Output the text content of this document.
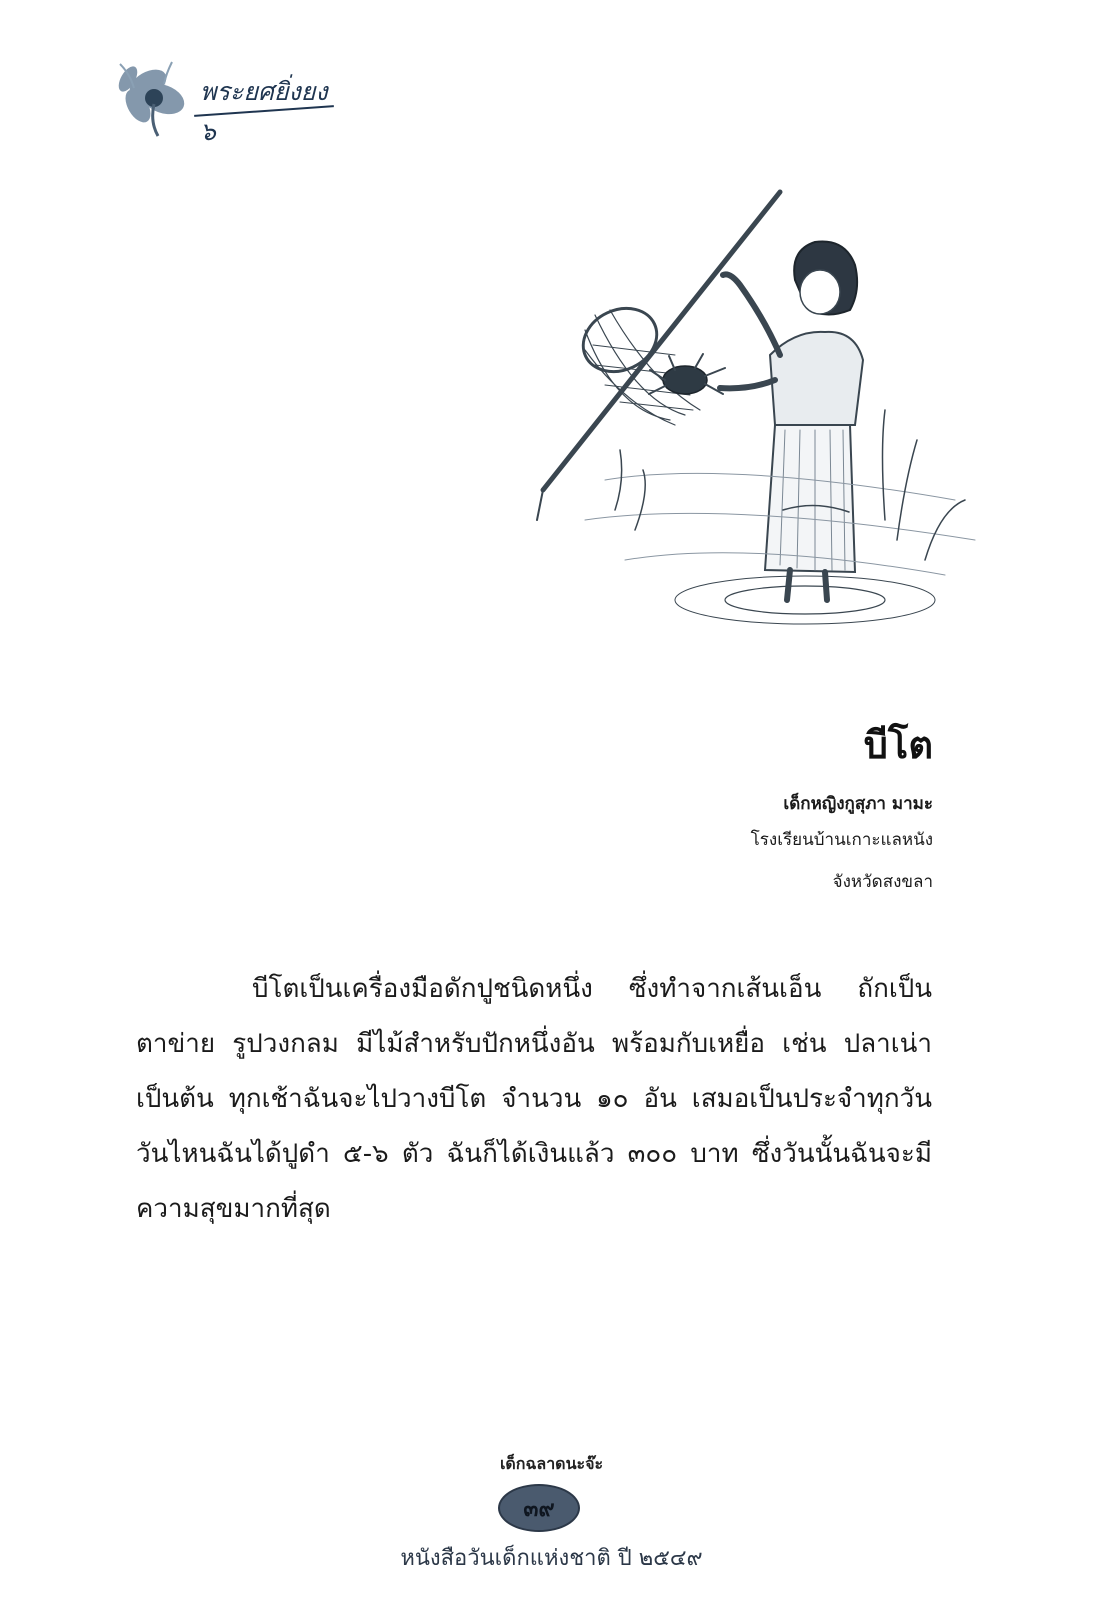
พระยศยิ่งยง ๖
บีโต
เด็กหญิงกูสุภา มามะ
โรงเรียนบ้านเกาะแลหนัง
จังหวัดสงขลา

บีโตเป็นเครื่องมือดักปูชนิดหนึ่ง ซึ่งทำจากเส้นเอ็น ถักเป็นตาข่าย รูปวงกลม มีไม้สำหรับปักหนึ่งอัน พร้อมกับเหยื่อ เช่น ปลาเน่า เป็นต้น ทุกเช้าฉันจะไปวางบีโต จำนวน ๑๐ อัน เสมอเป็นประจำทุกวัน วันไหนฉันได้ปูดำ ๕-๖ ตัว ฉันก็ได้เงินแล้ว ๓๐๐ บาท ซึ่งวันนั้นฉันจะมีความสุขมากที่สุด

เด็กฉลาดนะจ๊ะ
๓๙
หนังสือวันเด็กแห่งชาติ ปี ๒๕๔๙
